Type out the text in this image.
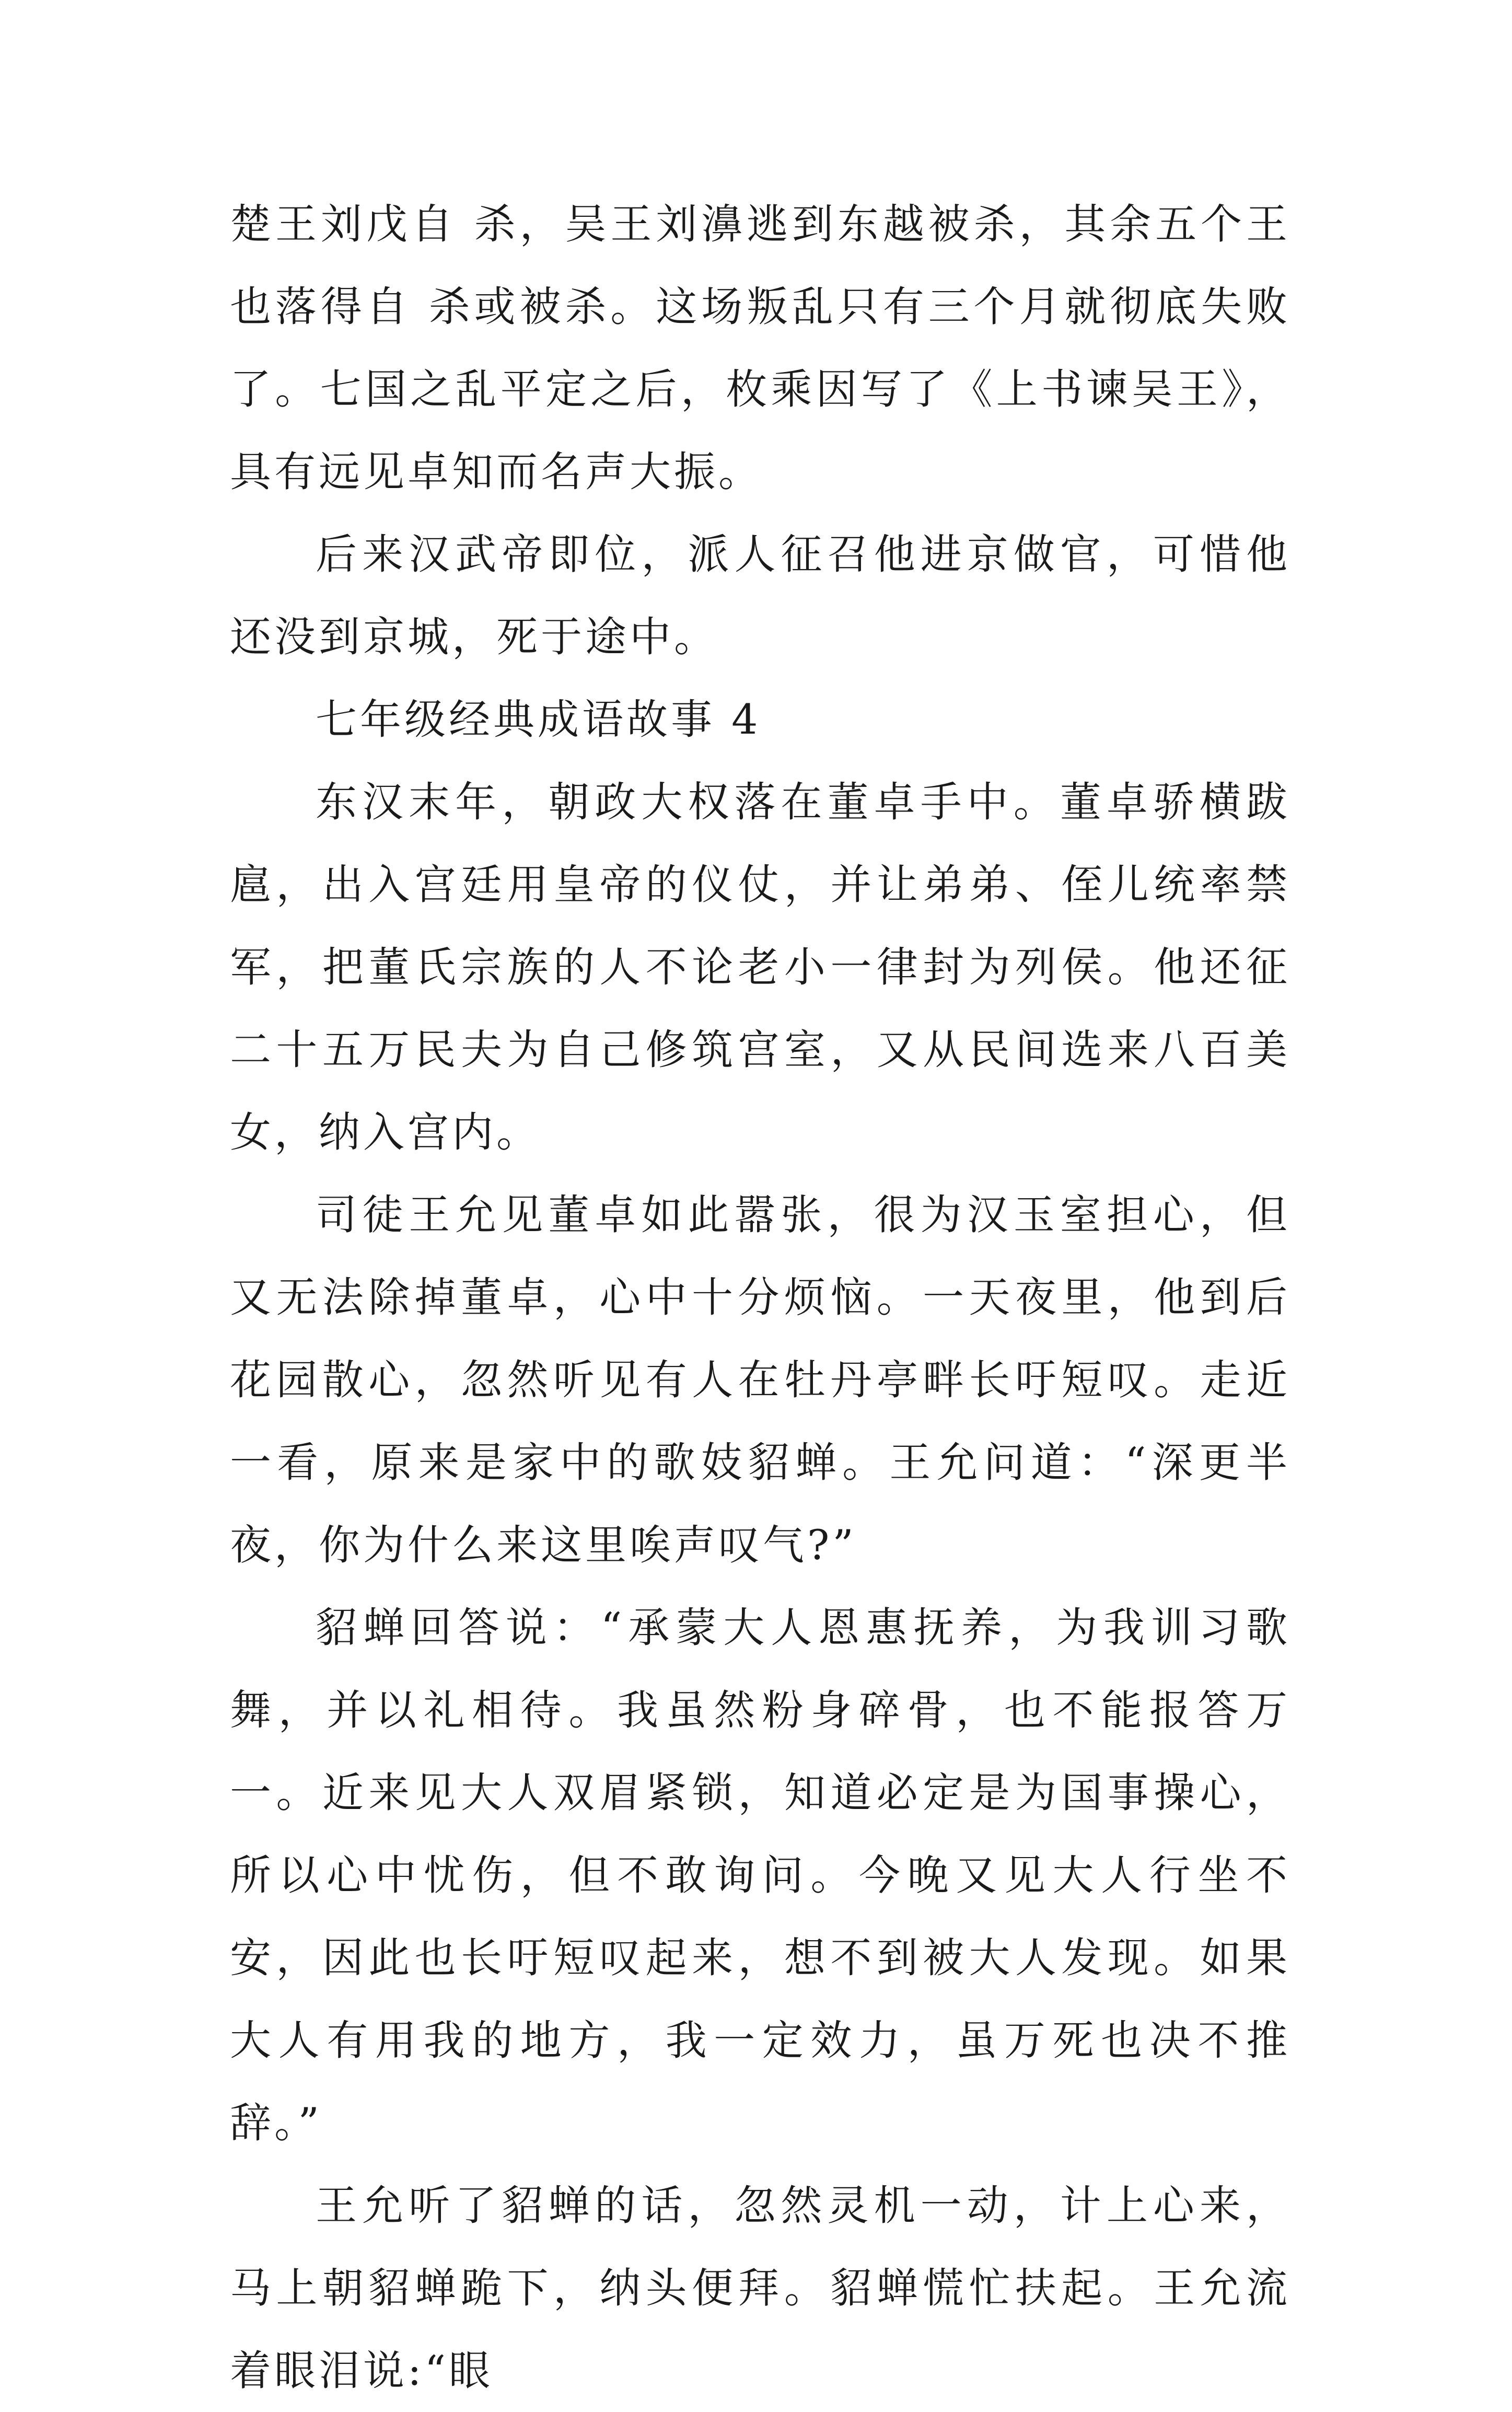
楚王刘戊自 杀，吴王刘濞逃到东越被杀，其余五个王也落得自 杀或被杀。这场叛乱只有三个月就彻底失败了。七国之乱平定之后，枚乘因写了《上书谏吴王》，具有远见卓知而名声大振。

后来汉武帝即位，派人征召他进京做官，可惜他还没到京城，死于途中。

七年级经典成语故事 4

东汉末年，朝政大权落在董卓手中。董卓骄横跋扈，出入宫廷用皇帝的仪仗，并让弟弟、侄儿统率禁军，把董氏宗族的人不论老小一律封为列侯。他还征二十五万民夫为自己修筑宫室，又从民间选来八百美女，纳入宫内。

司徒王允见董卓如此嚣张，很为汉玉室担心，但又无法除掉董卓，心中十分烦恼。一天夜里，他到后花园散心，忽然听见有人在牡丹亭畔长吁短叹。走近一看，原来是家中的歌妓貂蝉。王允问道：“深更半夜，你为什么来这里唉声叹气?”

貂蝉回答说：“承蒙大人恩惠抚养，为我训习歌舞，并以礼相待。我虽然粉身碎骨，也不能报答万一。近来见大人双眉紧锁，知道必定是为国事操心，所以心中忧伤，但不敢询问。今晚又见大人行坐不安，因此也长吁短叹起来，想不到被大人发现。如果大人有用我的地方，我一定效力，虽万死也决不推辞。”

王允听了貂蝉的话，忽然灵机一动，计上心来，马上朝貂蝉跪下，纳头便拜。貂蝉慌忙扶起。王允流着眼泪说:“眼
